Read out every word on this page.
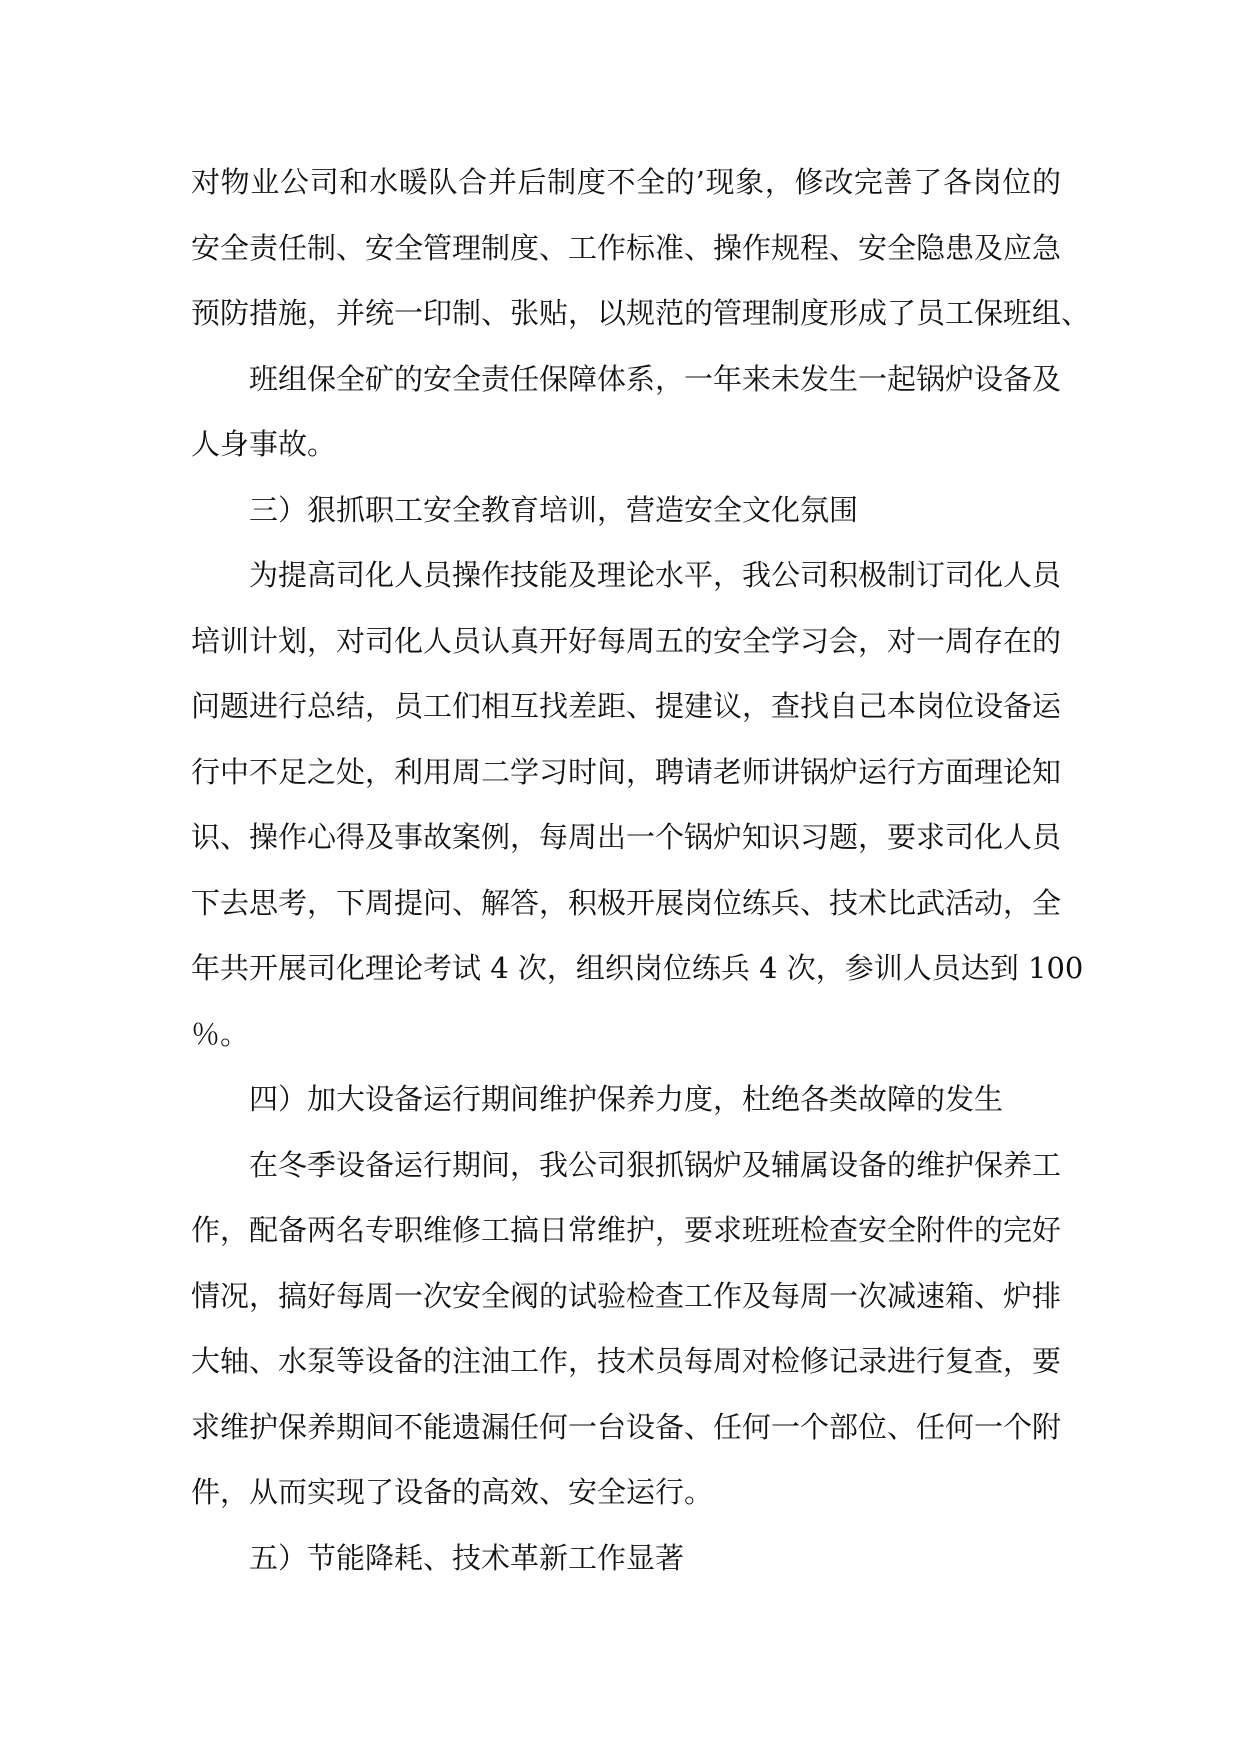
对物业公司和水暖队合并后制度不全的’现象，修改完善了各岗位的
安全责任制、安全管理制度、工作标准、操作规程、安全隐患及应急
预防措施，并统一印制、张贴，以规范的管理制度形成了员工保班组、
班组保全矿的安全责任保障体系，一年来未发生一起锅炉设备及
人身事故。
三）狠抓职工安全教育培训，营造安全文化氛围
为提高司化人员操作技能及理论水平，我公司积极制订司化人员
培训计划，对司化人员认真开好每周五的安全学习会，对一周存在的
问题进行总结，员工们相互找差距、提建议，查找自己本岗位设备运
行中不足之处，利用周二学习时间，聘请老师讲锅炉运行方面理论知
识、操作心得及事故案例，每周出一个锅炉知识习题，要求司化人员
下去思考，下周提问、解答，积极开展岗位练兵、技术比武活动，全
年共开展司化理论考试 4 次，组织岗位练兵 4 次，参训人员达到 100
％。
四）加大设备运行期间维护保养力度，杜绝各类故障的发生
在冬季设备运行期间，我公司狠抓锅炉及辅属设备的维护保养工
作，配备两名专职维修工搞日常维护，要求班班检查安全附件的完好
情况，搞好每周一次安全阀的试验检查工作及每周一次减速箱、炉排
大轴、水泵等设备的注油工作，技术员每周对检修记录进行复查，要
求维护保养期间不能遗漏任何一台设备、任何一个部位、任何一个附
件，从而实现了设备的高效、安全运行。
五）节能降耗、技术革新工作显著
